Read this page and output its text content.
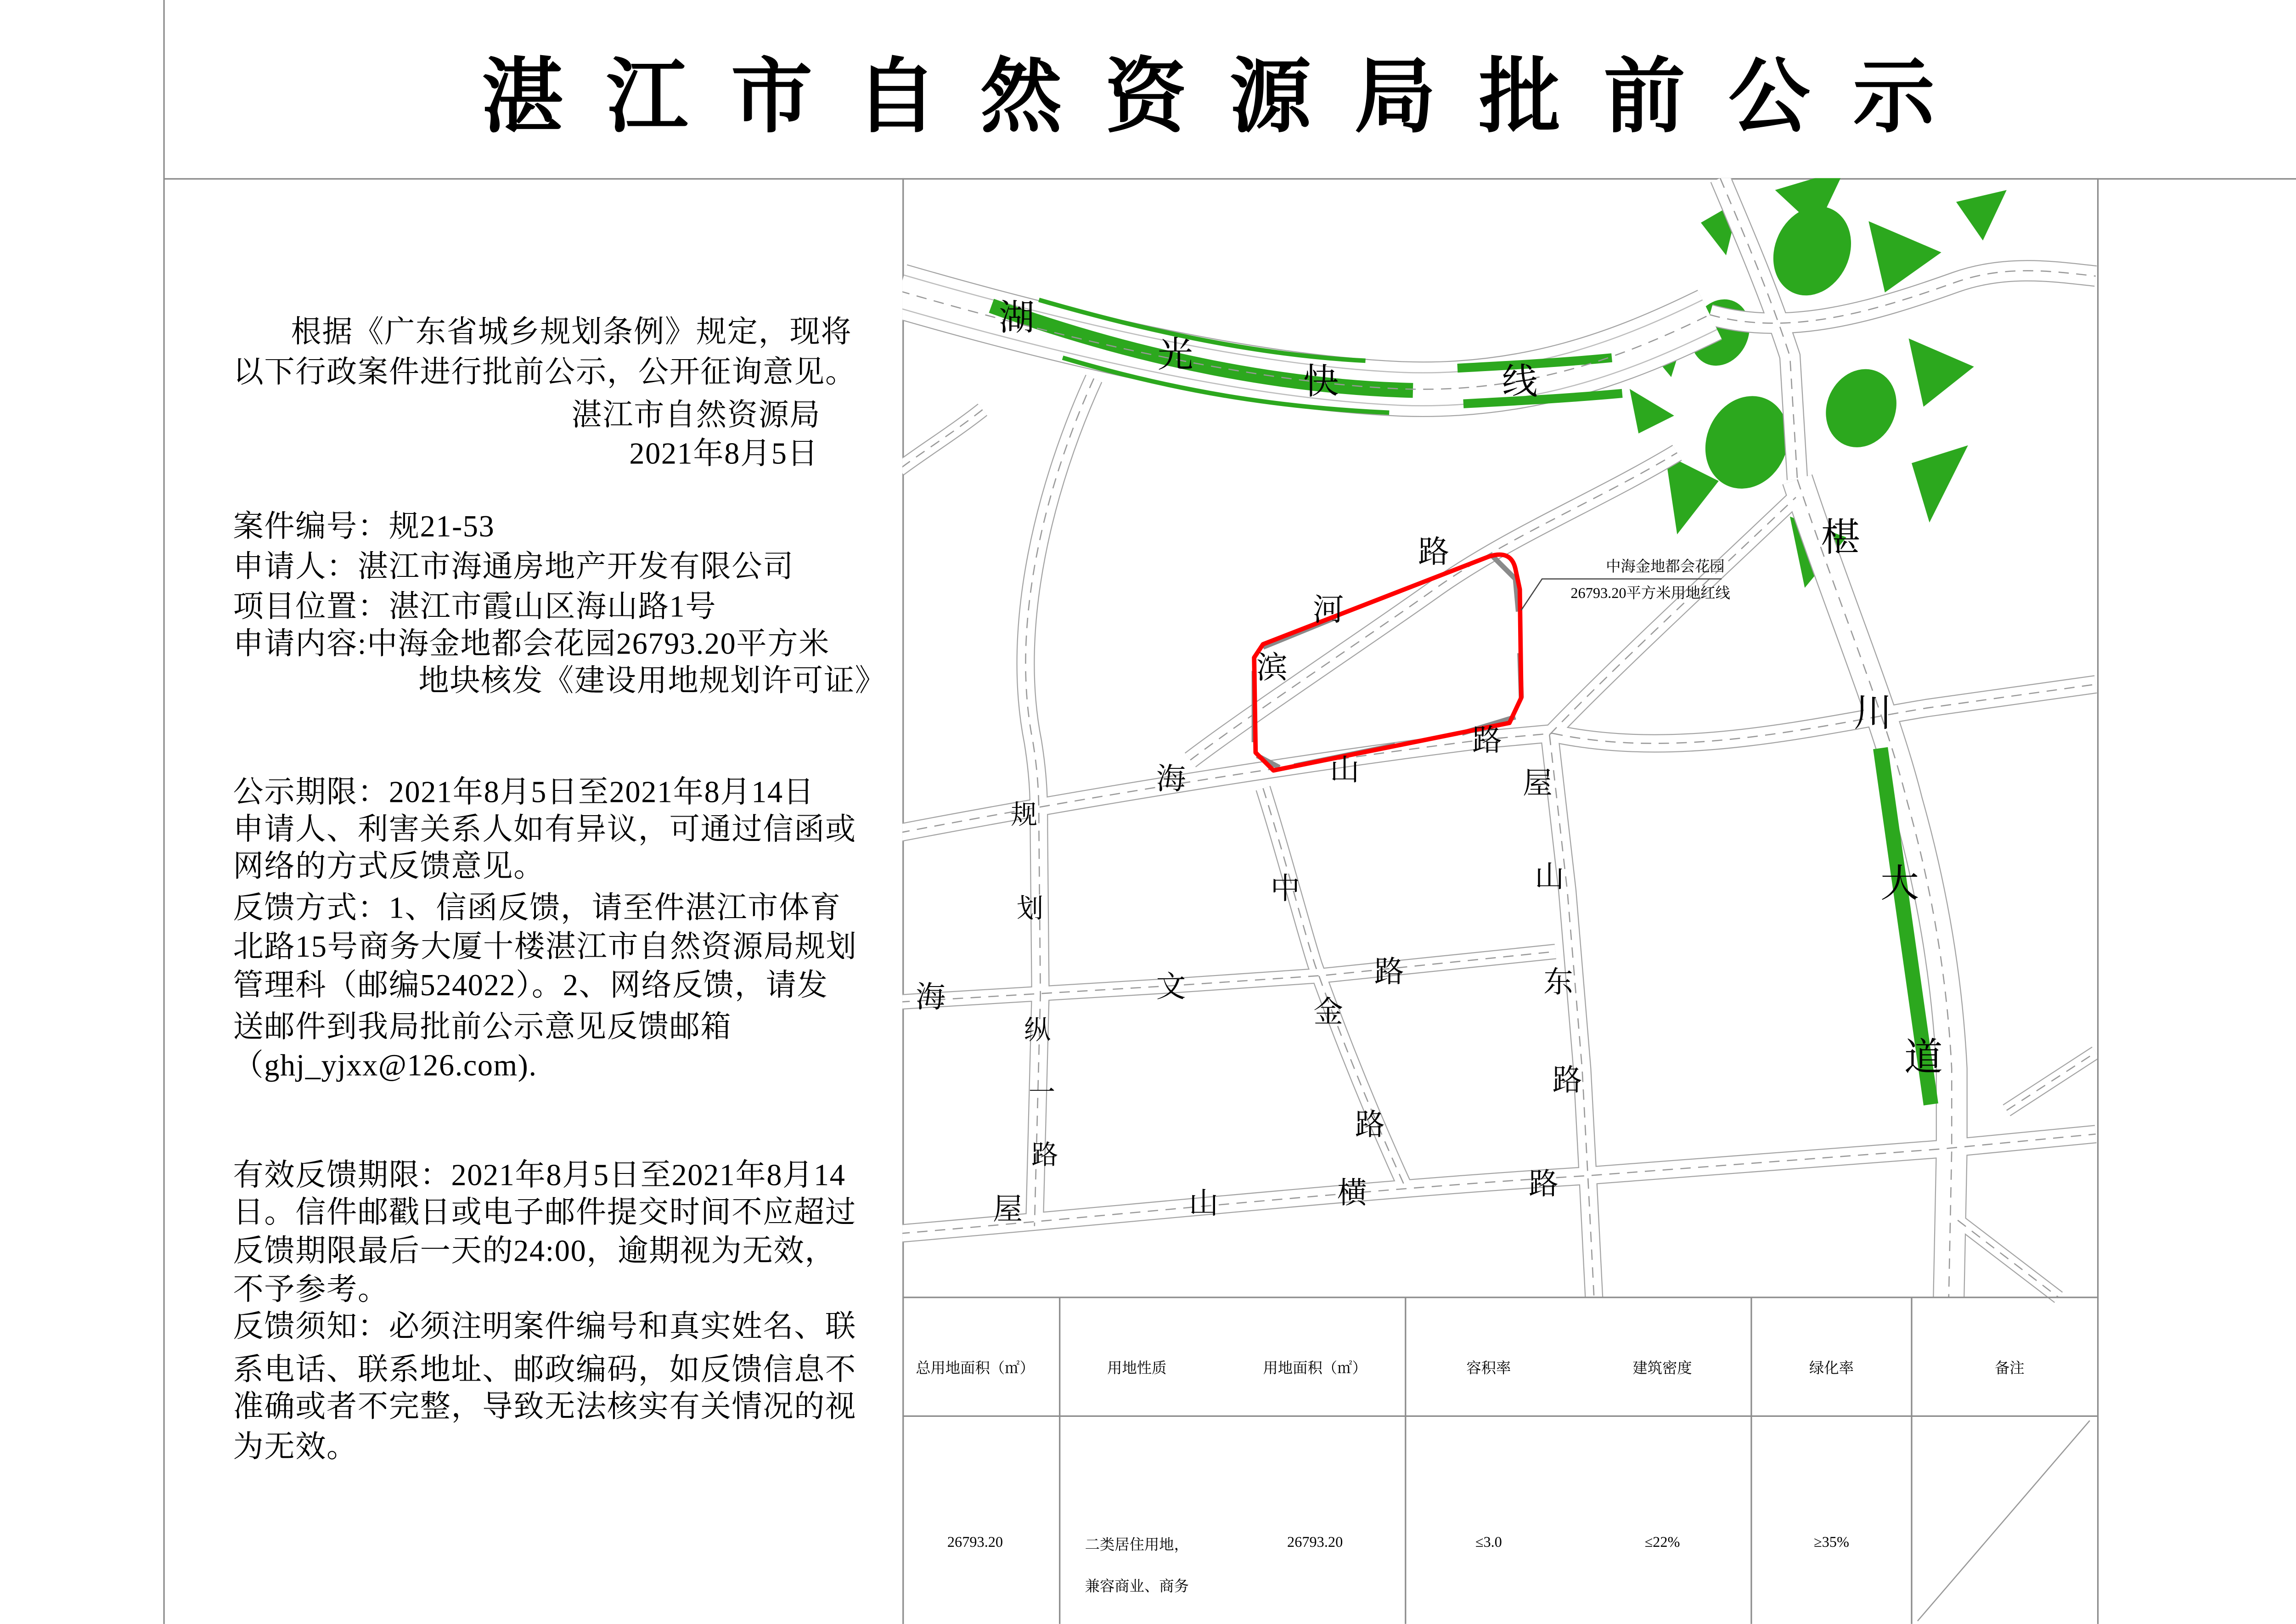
湛江市自然资源局批前公示
根据《广东省城乡规划条例》规定，现将
以下行政案件进行批前公示，公开征询意见。
湛江市自然资源局
2021年8月5日
案件编号：规21-53
申请人：湛江市海通房地产开发有限公司
项目位置：湛江市霞山区海山路1号
申请内容:中海金地都会花园26793.20平方米
地块核发《建设用地规划许可证》
公示期限：2021年8月5日至2021年8月14日
申请人、利害关系人如有异议，可通过信函或
网络的方式反馈意见。
反馈方式：1、信函反馈，请至件湛江市体育
北路15号商务大厦十楼湛江市自然资源局规划
管理科（邮编524022）。2、网络反馈，请发
送邮件到我局批前公示意见反馈邮箱
（ghj_yjxx@126.com).
有效反馈期限：2021年8月5日至2021年8月14
日。信件邮戳日或电子邮件提交时间不应超过
反馈期限最后一天的24:00，逾期视为无效，
不予参考。
反馈须知：必须注明案件编号和真实姓名、联
系电话、联系地址、邮政编码，如反馈信息不
准确或者不完整，导致无法核实有关情况的视
为无效。
湖
光
快	线
椹
川
大
道
滨
河
路
海	山
路
屋
山
东
路
中
金
路
海	文	路
规
划
纵
一
路
屋	山	横	路
中海金地都会花园
26793.20平方米用地红线
总用地面积（㎡）	用地性质	用地面积（㎡）	容积率	建筑密度	绿化率	备注
26793.20	二类居住用地，
兼容商业、商务
26793.20	≤3.0	≤22%	≥35%
